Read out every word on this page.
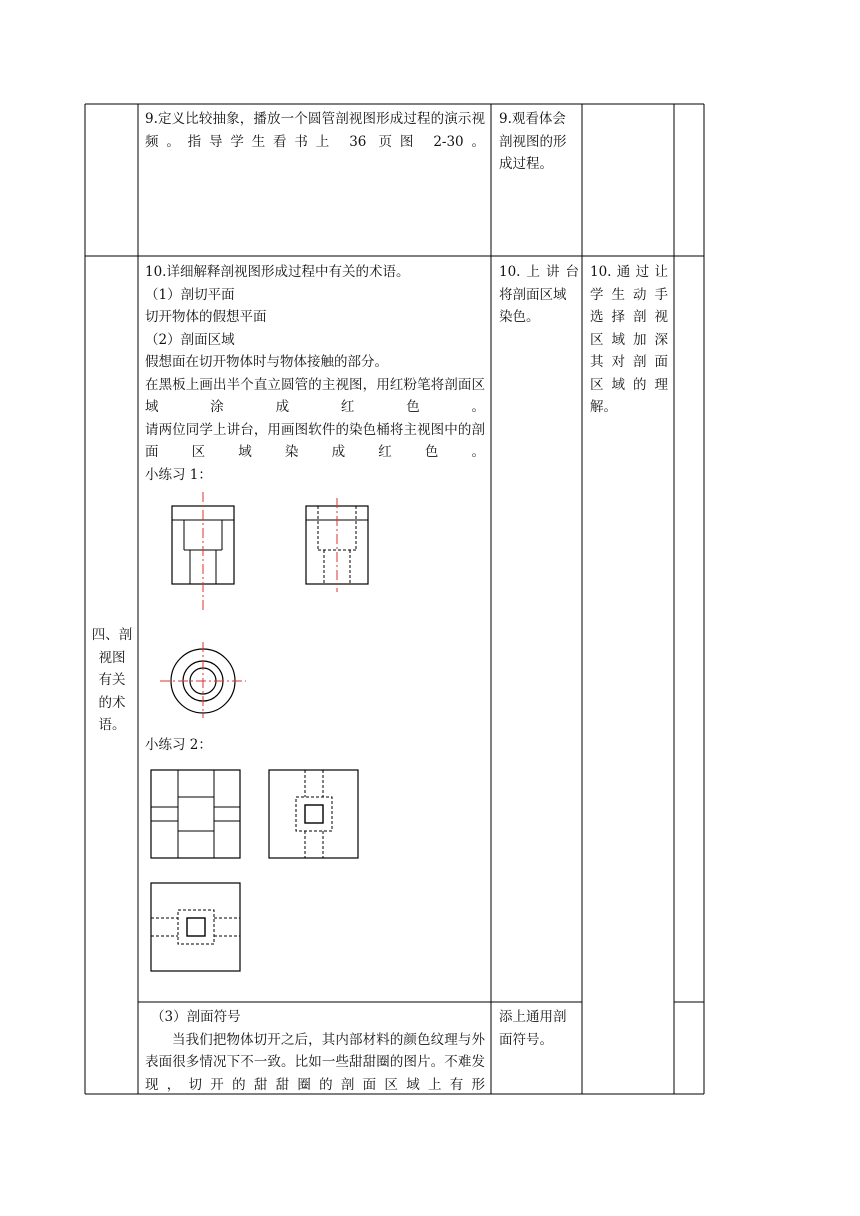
9.定义比较抽象，播放一个圆管剖视图形成过程的演示视频。指导学生看书上 36 页图 2-30。
9.观看体会
剖视图的形
成过程。
四、剖
视图
有关
的术
语。
10.详细解释剖视图形成过程中有关的术语。
（1）剖切平面
切开物体的假想平面
（2）剖面区域
假想面在切开物体时与物体接触的部分。
在黑板上画出半个直立圆管的主视图，用红粉笔将剖面区域涂成红色。
请两位同学上讲台，用画图软件的染色桶将主视图中的剖面区域染成红色。
小练习 1：
小练习 2：
10.上讲台
将剖面区域
染色。
10.通过让
学生动手
选择剖视
区域加深
其对剖面
区域的理
解。
（3）剖面符号
当我们把物体切开之后，其内部材料的颜色纹理与外表面很多情况下不一致。比如一些甜甜圈的图片。不难发现，切开的甜甜圈的剖面区域上有形
添上通用剖
面符号。
